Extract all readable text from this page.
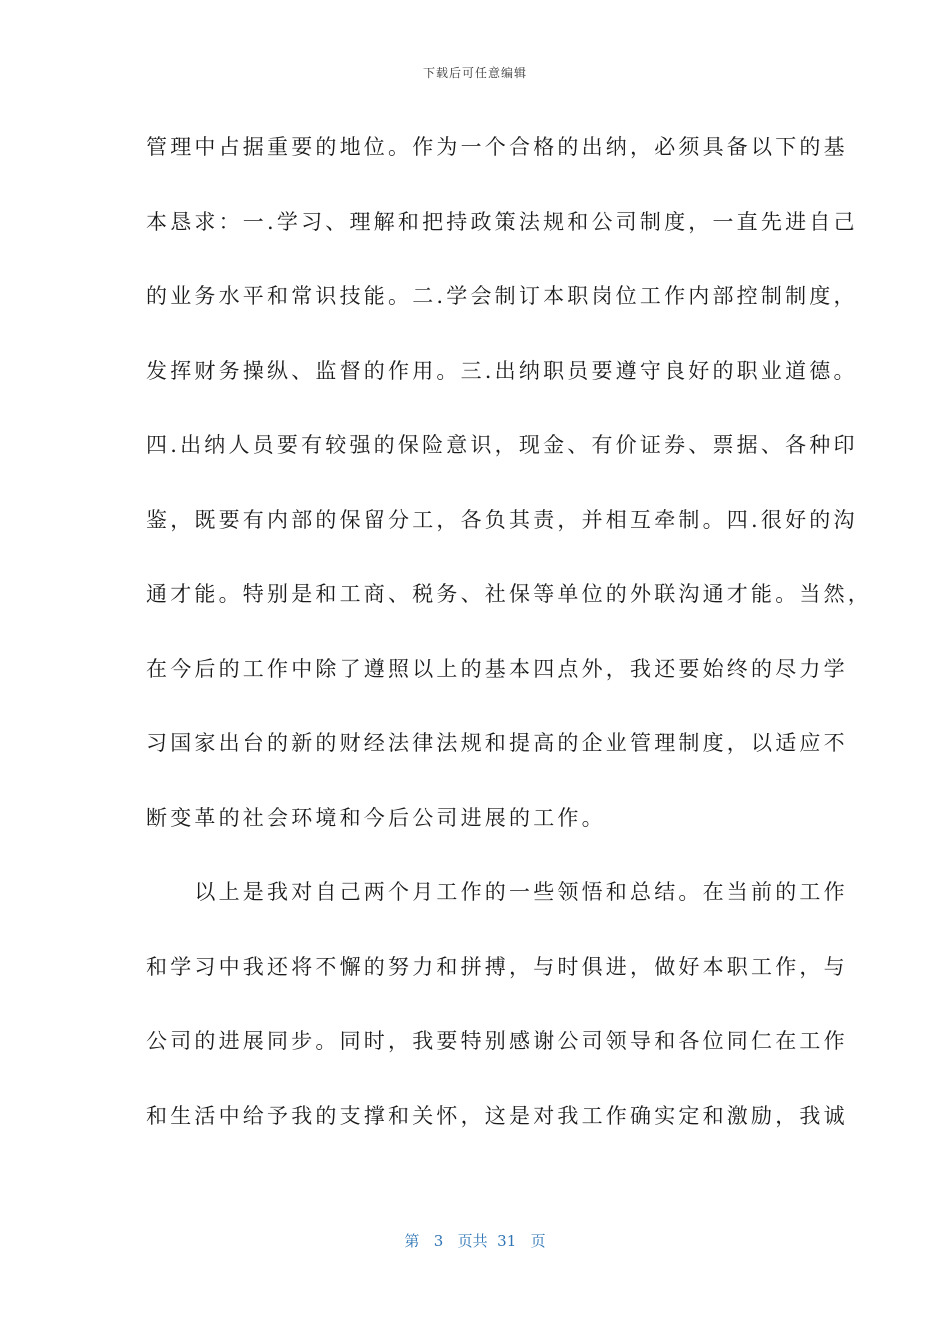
下载后可任意编辑
管理中占据重要的地位。作为一个合格的出纳，必须具备以下的基
本恳求：一.学习、理解和把持政策法规和公司制度，一直先进自己
的业务水平和常识技能。二.学会制订本职岗位工作内部控制制度，
发挥财务操纵、监督的作用。三.出纳职员要遵守良好的职业道德。
四.出纳人员要有较强的保险意识，现金、有价证券、票据、各种印
鉴，既要有内部的保留分工，各负其责，并相互牵制。四.很好的沟
通才能。特别是和工商、税务、社保等单位的外联沟通才能。当然，
在今后的工作中除了遵照以上的基本四点外，我还要始终的尽力学
习国家出台的新的财经法律法规和提高的企业管理制度，以适应不
断变革的社会环境和今后公司进展的工作。
　　以上是我对自己两个月工作的一些领悟和总结。在当前的工作
和学习中我还将不懈的努力和拼搏，与时俱进，做好本职工作，与
公司的进展同步。同时，我要特别感谢公司领导和各位同仁在工作
和生活中给予我的支撑和关怀，这是对我工作确实定和激励，我诚
第 3 页共 31 页
